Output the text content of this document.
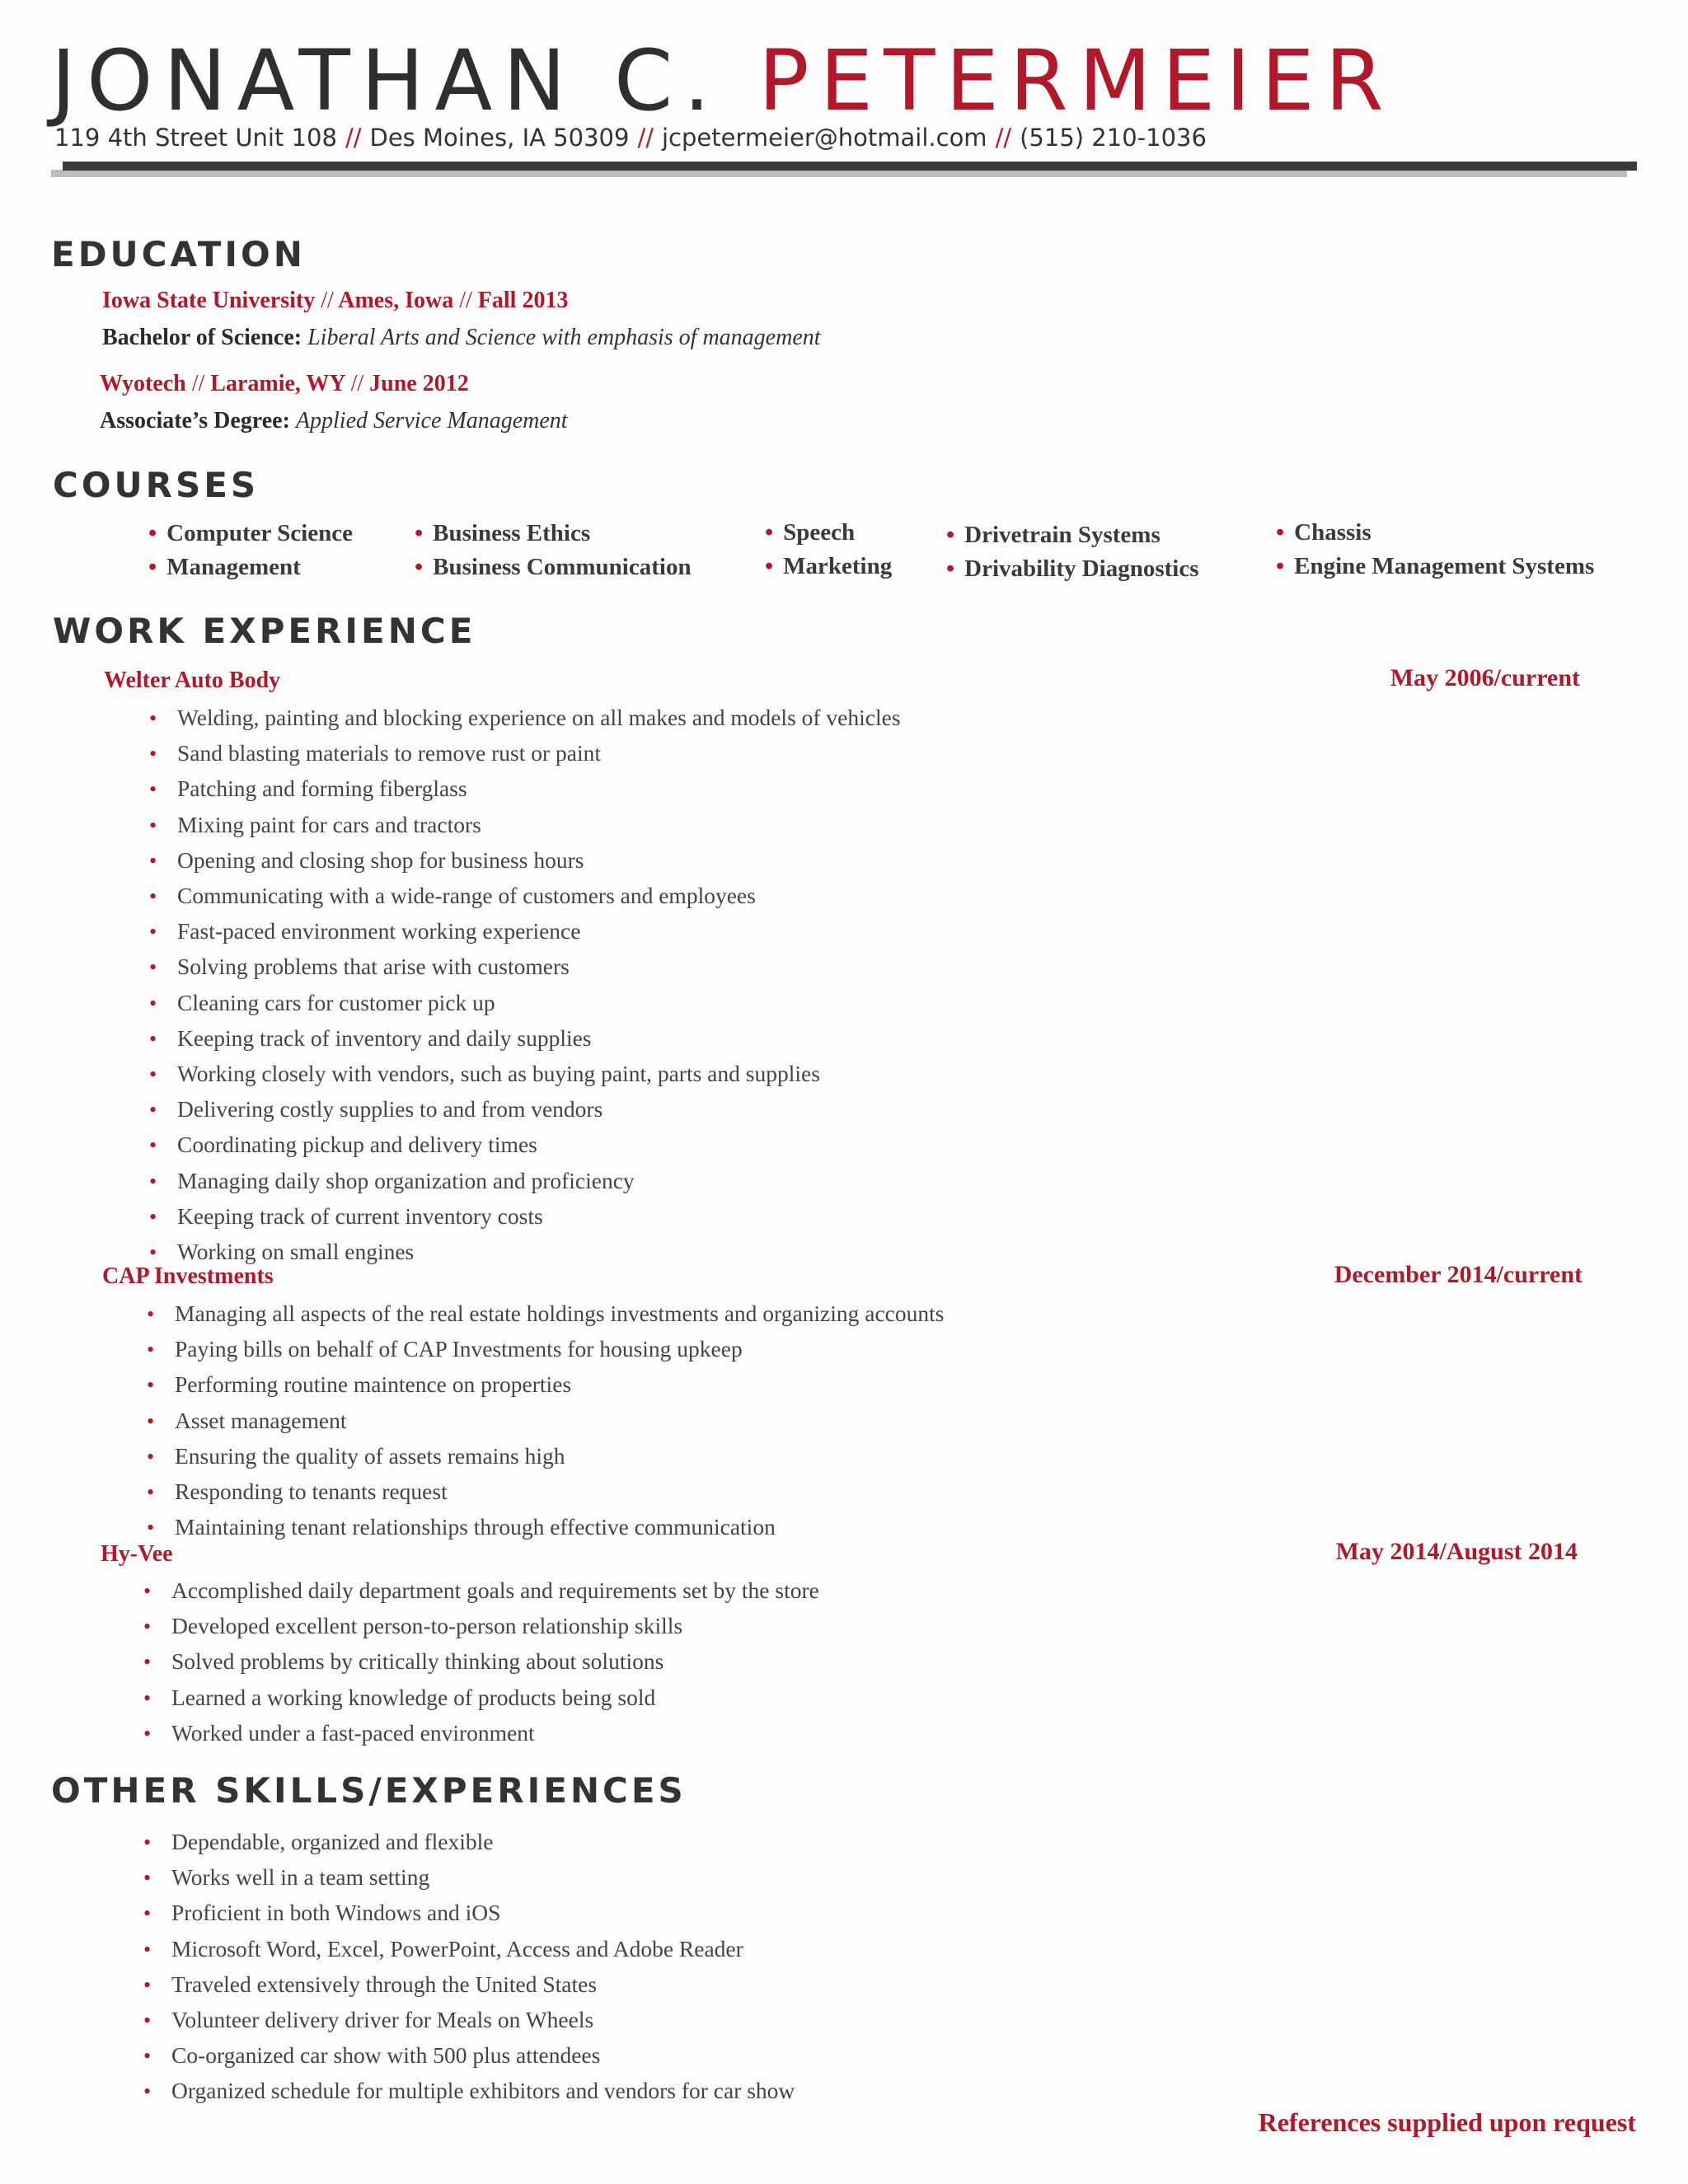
JONATHAN C. PETERMEIER
119 4th Street Unit 108 // Des Moines, IA 50309 // jcpetermeier@hotmail.com // (515) 210-1036
EDUCATION
Iowa State University // Ames, Iowa // Fall 2013
Bachelor of Science: Liberal Arts and Science with emphasis of management
Wyotech // Laramie, WY // June 2012
Associate’s Degree: Applied Service Management
COURSES
• Computer Science
• Management
• Business Ethics
• Business Communication
• Speech
• Marketing
• Drivetrain Systems
• Drivability Diagnostics
• Chassis
• Engine Management Systems
WORK EXPERIENCE
Welter Auto Body	May 2006/current
• Welding, painting and blocking experience on all makes and models of vehicles
• Sand blasting materials to remove rust or paint
• Patching and forming fiberglass
• Mixing paint for cars and tractors
• Opening and closing shop for business hours
• Communicating with a wide-range of customers and employees
• Fast-paced environment working experience
• Solving problems that arise with customers
• Cleaning cars for customer pick up
• Keeping track of inventory and daily supplies
• Working closely with vendors, such as buying paint, parts and supplies
• Delivering costly supplies to and from vendors
• Coordinating pickup and delivery times
• Managing daily shop organization and proficiency
• Keeping track of current inventory costs
• Working on small engines
CAP Investments	December 2014/current
• Managing all aspects of the real estate holdings investments and organizing accounts
• Paying bills on behalf of CAP Investments for housing upkeep
• Performing routine maintence on properties
• Asset management
• Ensuring the quality of assets remains high
• Responding to tenants request
• Maintaining tenant relationships through effective communication
Hy-Vee	May 2014/August 2014
• Accomplished daily department goals and requirements set by the store
• Developed excellent person-to-person relationship skills
• Solved problems by critically thinking about solutions
• Learned a working knowledge of products being sold
• Worked under a fast-paced environment
OTHER SKILLS/EXPERIENCES
• Dependable, organized and flexible
• Works well in a team setting
• Proficient in both Windows and iOS
• Microsoft Word, Excel, PowerPoint, Access and Adobe Reader
• Traveled extensively through the United States
• Volunteer delivery driver for Meals on Wheels
• Co-organized car show with 500 plus attendees
• Organized schedule for multiple exhibitors and vendors for car show
References supplied upon request
